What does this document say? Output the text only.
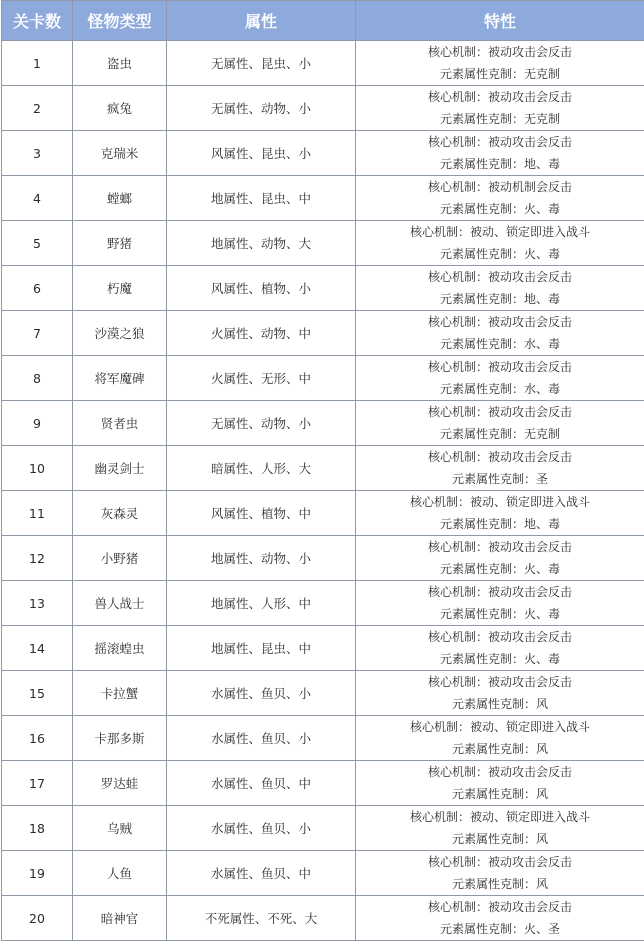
关卡数	怪物类型	属性	特性
1	盗虫	无属性、昆虫、小	核心机制：被动攻击会反击
元素属性克制：无克制

2	疯兔	无属性、动物、小	核心机制：被动攻击会反击
元素属性克制：无克制

3	克瑞米	风属性、昆虫、小	核心机制：被动攻击会反击
元素属性克制：地、毒

4	螳螂	地属性、昆虫、中	核心机制：被动机制会反击
元素属性克制：火、毒

5	野猪	地属性、动物、大	核心机制：被动、锁定即进入战斗
元素属性克制：火、毒

6	朽魔	风属性、植物、小	核心机制：被动攻击会反击
元素属性克制：地、毒

7	沙漠之狼	火属性、动物、中	核心机制：被动攻击会反击
元素属性克制：水、毒

8	将军魔碑	火属性、无形、中	核心机制：被动攻击会反击
元素属性克制：水、毒

9	贤者虫	无属性、动物、小	核心机制：被动攻击会反击
元素属性克制：无克制

10	幽灵剑士	暗属性、人形、大	核心机制：被动攻击会反击
元素属性克制：圣

11	灰森灵	风属性、植物、中	核心机制：被动、锁定即进入战斗
元素属性克制：地、毒

12	小野猪	地属性、动物、小	核心机制：被动攻击会反击
元素属性克制：火、毒

13	兽人战士	地属性、人形、中	核心机制：被动攻击会反击
元素属性克制：火、毒

14	摇滚蝗虫	地属性、昆虫、中	核心机制：被动攻击会反击
元素属性克制：火、毒

15	卡拉蟹	水属性、鱼贝、小	核心机制：被动攻击会反击
元素属性克制：风

16	卡那多斯	水属性、鱼贝、小	核心机制：被动、锁定即进入战斗
元素属性克制：风

17	罗达蛙	水属性、鱼贝、中	核心机制：被动攻击会反击
元素属性克制：风

18	乌贼	水属性、鱼贝、小	核心机制：被动、锁定即进入战斗
元素属性克制：风

19	人鱼	水属性、鱼贝、中	核心机制：被动攻击会反击
元素属性克制：风

20	暗神官	不死属性、不死、大	核心机制：被动攻击会反击
元素属性克制：火、圣
